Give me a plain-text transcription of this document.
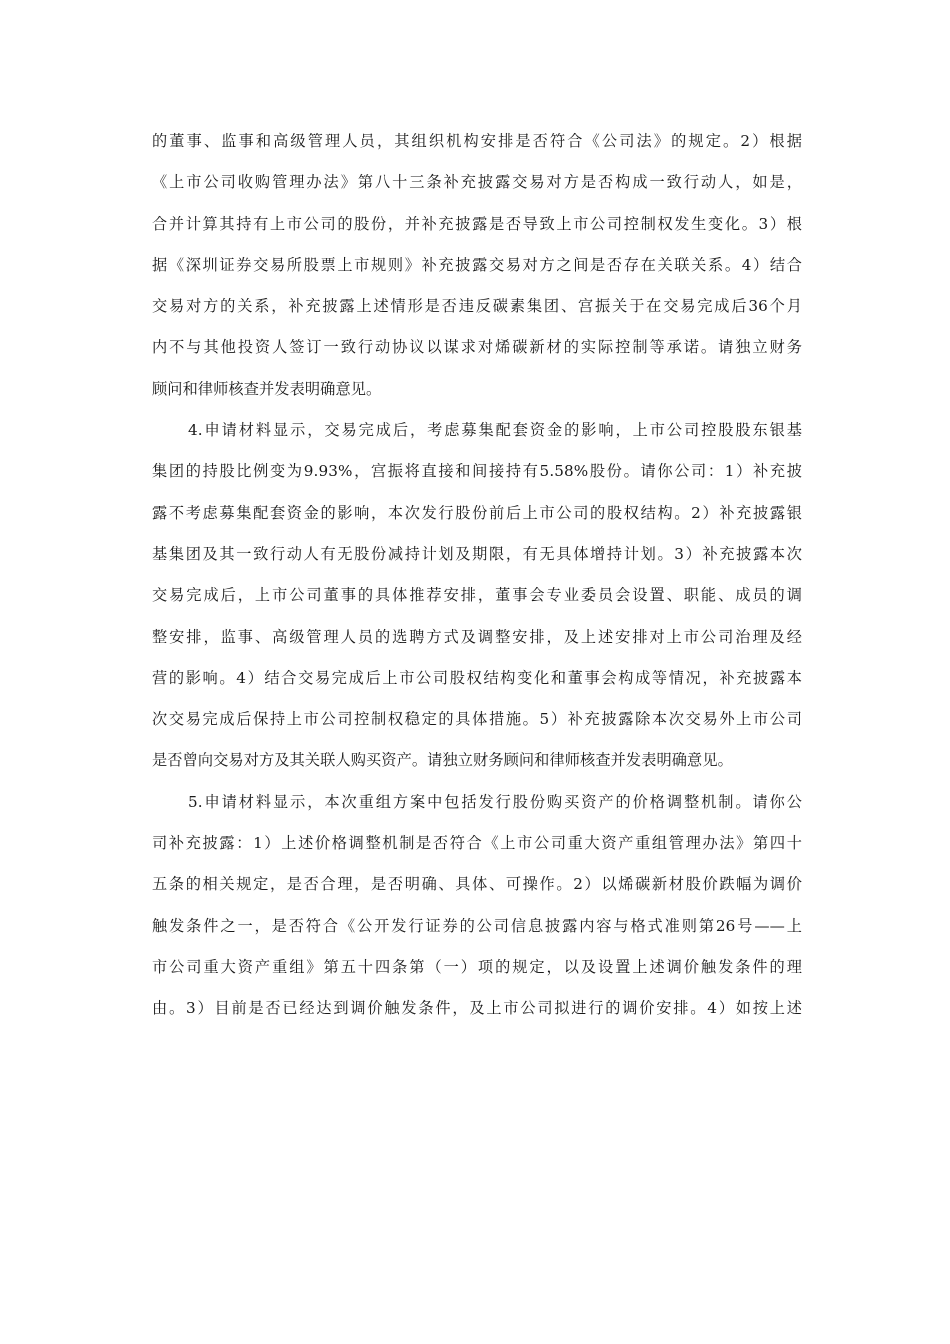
的董事、监事和高级管理人员，其组织机构安排是否符合《公司法》的规定。2）根据
《上市公司收购管理办法》第八十三条补充披露交易对方是否构成一致行动人，如是，
合并计算其持有上市公司的股份，并补充披露是否导致上市公司控制权发生变化。3）根
据《深圳证券交易所股票上市规则》补充披露交易对方之间是否存在关联关系。4）结合
交易对方的关系，补充披露上述情形是否违反碳素集团、宫振关于在交易完成后36个月
内不与其他投资人签订一致行动协议以谋求对烯碳新材的实际控制等承诺。请独立财务
顾问和律师核查并发表明确意见。

4.申请材料显示，交易完成后，考虑募集配套资金的影响，上市公司控股股东银基
集团的持股比例变为9.93%，宫振将直接和间接持有5.58%股份。请你公司：1）补充披
露不考虑募集配套资金的影响，本次发行股份前后上市公司的股权结构。2）补充披露银
基集团及其一致行动人有无股份减持计划及期限，有无具体增持计划。3）补充披露本次
交易完成后，上市公司董事的具体推荐安排，董事会专业委员会设置、职能、成员的调
整安排，监事、高级管理人员的选聘方式及调整安排，及上述安排对上市公司治理及经
营的影响。4）结合交易完成后上市公司股权结构变化和董事会构成等情况，补充披露本
次交易完成后保持上市公司控制权稳定的具体措施。5）补充披露除本次交易外上市公司
是否曾向交易对方及其关联人购买资产。请独立财务顾问和律师核查并发表明确意见。

5.申请材料显示，本次重组方案中包括发行股份购买资产的价格调整机制。请你公
司补充披露：1）上述价格调整机制是否符合《上市公司重大资产重组管理办法》第四十
五条的相关规定，是否合理，是否明确、具体、可操作。2）以烯碳新材股价跌幅为调价
触发条件之一，是否符合《公开发行证券的公司信息披露内容与格式准则第26号——上
市公司重大资产重组》第五十四条第（一）项的规定，以及设置上述调价触发条件的理
由。3）目前是否已经达到调价触发条件，及上市公司拟进行的调价安排。4）如按上述
